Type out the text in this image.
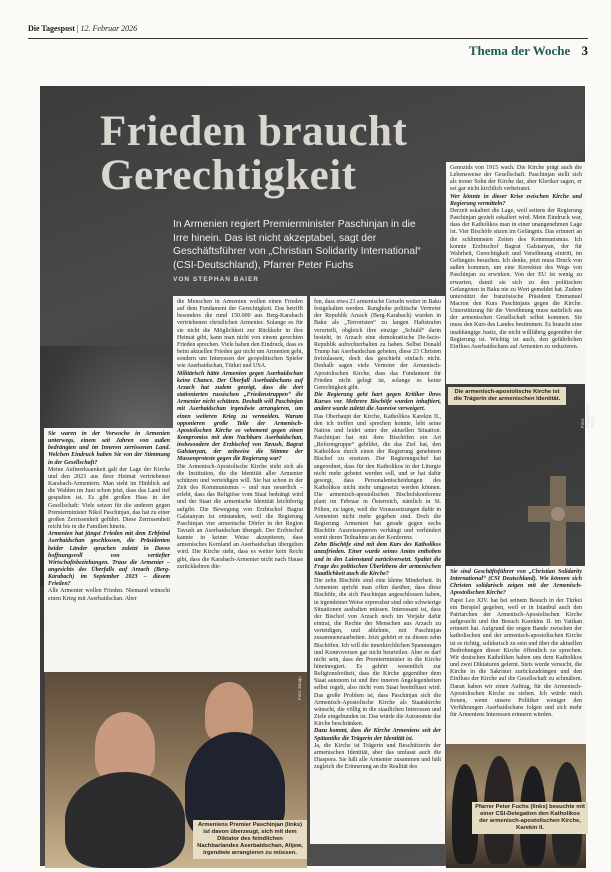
Die Tagespost | 12. Februar 2026
Thema der Woche 3
Frieden braucht
Gerechtigkeit
In Armenien regiert Premierminister Paschinjan in die Irre hinein. Das ist nicht akzeptabel, sagt der Geschäftsführer von „Christian Solidarity International“ (CSI-Deutschland), Pfarrer Peter Fuchs
VON STEPHAN BAIER

Sie waren in der Vorwoche in Armenien unterwegs, einem seit Jahren von außen bedrängten und im Inneren zerrissenen Land. Welchen Eindruck haben Sie von der Stimmung in der Gesellschaft?

Meine Aufmerksamkeit galt der Lage der Kirche und den 2023 aus ihrer Heimat vertriebenen Karabach-Armeniern. Man sieht im Hinblick auf die Wahlen im Juni schon jetzt, dass das Land tief gespalten ist. Es gibt großen Hass in der Gesellschaft: Viele setzen für die anderen gegen Premierminister Nikol Paschinjan, das hat zu einer großen Zerrissenheit geführt. Diese Zerrissenheit reicht bis in die Familien hinein.

Armenien hat jüngst Frieden mit dem Erbfeind Aserbaidschan geschlossen, die Präsidenten beider Länder sprachen zuletzt in Davos hoffnungsvoll von vertiefter Wirtschaftsbeziehungen. Traue die Armenier – angesichts des Überfalls auf Arzach (Berg-Karabach) im September 2023 – diesem Frieden?

Alle Armenier wollen Frieden. Niemand wünscht einen Krieg mit Aserbaidschan. Aber

die Menschen in Armenien wollen einen Frieden auf dem Fundament der Gerechtigkeit. Das betrifft besonders die rund 150.000 aus Berg-Karabach vertriebenen christlichen Armenier. Solange es für sie nicht die Möglichkeit zur Rückkehr in ihre Heimat gibt, kann man nicht von einem gerechten Frieden sprechen. Viele haben den Eindruck, dass es beim aktuellen Frieden gar nicht um Armenien geht, sondern um Interessen der geopolitischen Spieler wie Aserbaidschan, Türkei und USA.

Militärisch hätte Armenien gegen Aserbaidschan keine Chance. Der Überfall Aserbaidschans auf Arzach hat zudem gezeigt, dass die dort stationierten russischen „Friedenstruppen“ die Armenier nicht schützen. Deshalb will Paschinjan mit Aserbaidschan irgendwie arrangieren, um einen weiteren Krieg zu vermeiden. Warum opponieren große Teile der Armenisch-Apostolischen Kirche so vehement gegen einen Kompromiss mit dem Nachbarn Aserbaidschan, insbesondere der Erzbischof von Tavush, Bagrat Galstanyan, der zeitweise die Stimme der Massenproteste gegen die Regierung war?

Die Armenisch-Apostolische Kirche sieht sich als die Institution, die die Identität aller Armenier schützen und verteidigen will. Sie hat schon in der Zeit des Kommunismus – und nun neuerlich – erlebt, dass das Religiöse vom Staat bedrängt wird und der Staat die armenische Identität leichtfertig aufgibt. Die Bewegung von Erzbischof Bagrat Galstanyan ist entstanden, weil die Regierung Paschinjan vier armenische Dörfer in der Region Tavush an Aserbaidschan übergab. Der Erzbischof kannte in keiner Weise akzeptieren, dass armenisches Kernland an Aserbaidschan übergeben wird. Die Kirche steht, dass es weiter kein Recht gibt, dass die Karabach-Armenier nicht nach Hause zurückkehren dür-

fen, dass etwa 23 armenische Geiseln weiter in Baku festgehalten werden. Ranghohe politische Vertreter der Republik Arzach (Berg-Karabach) wurden in Baku als „Terroristen“ zu langen Haftstrafen verurteilt, obgleich ihre einzige „Schuld“ darin besteht, in Arzach eine demokratische De-facto-Republik aufrechterhalten zu haben. Selbst Donald Trump hat Aserbaidschan gebeten, diese 23 Christen freizulassen, doch das geschieht einfach nicht. Deshalb sagen viele Vertreter der Armenisch-Apostolischen Kirche, dass das Fundament für Frieden nicht gelegt ist, solange es keine Gerechtigkeit gibt.

Die Regierung geht hart gegen Kritiker ihres Kurses vor. Mehrere Bischöfe wurden inhaftiert, andere wurde zuletzt die Ausreise verweigert.

Das Oberhaupt der Kirche, Katholikos Karekin II., den ich treffen und sprechen konnte, lebt seine Nation und leidet unter der aktuellen Situation. Paschinjan hat mit dem Bischöfen ein Art „Reformgruppe“ gebildet, die das Ziel hat, den Katholikos durch einen der Regierung genehmen Bischof zu ersetzen. Der Regierungschef hat angeordnet, dass für den Katholikos in der Liturgie nicht mehr gebetet werden soll, und er hat dafür gesorgt, dass Personalentscheidungen des Katholikos nicht mehr umgesetzt werden können. Die armenisch-apostolischen Bischofskonferenz plant im Februar in Österreich, nämlich in St. Pölten, zu tagen, weil die Voraussetzungen dafür in Armenien nicht mehr gegeben sind. Doch die Regierung Armenien hat gerade gegen sechs Bischöfe Ausreisesperren verhängt und verhindert somit deren Teilnahme an der Konferenz.

Zehn Bischöfe sind mit dem Kurs des Katholikos unzufrieden. Einer wurde seines Amtes enthoben und in den Laienstand zurückversetzt. Spaltet die Frage des politischen Überlebens der armenischen Staatlichkeit auch die Kirche?

Die zehn Bischöfe sind eine kleine Minderheit. In Armenien spricht man offen darüber, dass diese Bischöfe, die sich Paschinjan angeschlossen haben, in irgendeiner Weise erpressbar sind oder schwierige Situationen ausbalten müssen. Interessant ist, dass der Bischof von Arzach noch im Vorjahr dafür eintrat, die Rechte der Menschen aus Arzach zu verteidigen, und ablehnte, mit Paschinjan zusammenzuarbeiten. Jetzt gehört er zu diesen zehn Bischöfen. Ich will die innerkirchlichen Spannungen und Kontroversen gar nicht beurteilen. Aber es darf nicht sein, dass der Premierminister in die Kirche hineinregiert. Es gehört wesentlich zur Religionsfreiheit, dass die Kirche gegenüber dem Staat autonom ist und ihre inneren Angelegenheiten selbst regelt, also nicht vom Staat beeinflusst wird. Das große Problem ist, dass Paschinjan sich die Armenisch-Apostolische Kirche als Staatskirche wünscht, die völlig in die staatlichen Interessen und Ziele eingebunden ist. Das würde die Autonomie der Kirche beschränken.

Dazu kommt, dass die Kirche Armeniens seit der Spätantike die Trägerin der Identität ist.

Ja, die Kirche ist Trägerin und Beschützerin der armenischen Identität, aber das umfasst auch die Diaspora. Sie hält alle Armenier zusammen und hält zugleich die Erinnerung an die Realität des

Genozids von 1915 wach. Die Kirche prägt auch die Lebensweise der Gesellschaft. Paschinjan stellt sich als treuer Sohn der Kirche dar, aber Kleriker sagen, er sei gar nicht kirchlich verheiratet.

Wer könnte in dieser Krise zwischen Kirche und Regierung vermitteln?

Derzeit eskaliert die Lage, weil seitens der Regierung Paschinjan gezielt eskaliert wird. Mein Eindruck war, dass der Katholikos man in einer unangenehmen Lage ist. Vier Bischöfe sitzen im Gefängnis. Das erinnert an die schlimmsten Zeiten des Kommunismus. Ich konnte Erzbischof Bagrat Galstanyan, der für Wahrheit, Gerechtigkeit und Versöhnung eintritt, im Gefängnis besuchen. Ich denke, jetzt muss Druck von außen kommen, um eine Korrektur des Wegs von Paschinjan zu erwirken. Von der EU ist wenig zu erwarten, damit sie sich zu den politischen Gefangenen in Baku nie zu Wort gemeldet hat. Zudem unterstützt der französische Präsident Emmanuel Macron den Kurs Paschinjans gegen die Kirche. Unterstützung für die Versöhnung muss natürlich aus der armenischen Gesellschaft selbst kommen. Sie muss den Kurs des Landes bestimmen. Es braucht eine unabhängige Justiz, die nicht willfährig gegenüber der Regierung ist. Wichtig ist auch, den gefährlichen Einfluss Aserbaidschans auf Armenien zu reduzieren.

Sie sind Geschäftsführer von „Christian Solidarity International“ (CSI Deutschland). Wie können sich Christen solidarisch zeigen mit der Armenisch-Apostolischen Kirche?

Papst Leo XIV. hat bei seinem Besuch in der Türkei ein Beispiel gegeben, weil er in Istanbul auch den Patriarchen der Armenisch-Apostolischen Kirche aufgesucht und ihn Besuch Karekins II. im Vatikan erinnert hat. Aufgrund der engen Bande zwischen der katholischen und der armenisch-apostolischen Kirche ist es richtig, solidarisch zu sein und über die aktuellen Bedrohungen dieser Kirche öffentlich zu sprechen. Wir deutschen Katholiken haben uns dem Katholikos und zwei Diktaturen gelernt. Stets wurde versucht, die Kirche in die Sakristei zurückzudrängen und den Einfluss der Kirche auf die Gesellschaft zu schmälern. Daran haben wir einen Auftrag, für die Armenisch-Apostolischen Kirche zu stehen. Ich würde mich freuen, wenn unsere Politiker weniger den Verführungen Aserbaidschans folgen und sich mehr für Armeniens Interessen erinnern würden.

Die armenisch-apostolische Kirche ist die Trägerin der armenischen Identität.
Foto: Imago/ITAR-TASS
Foto: imago
Armeniens Premier Paschinjan (links) ist davon überzeugt, sich mit dem Diktator des feindlichen Nachbarlandes Aserbaidschan, Alijew, irgendwie arrangieren zu müssen.
Pfarrer Peter Fuchs (links) besuchte mit einer CSI-Delegation den Katholikos der armenisch-apostolischen Kirche, Karekin II.
